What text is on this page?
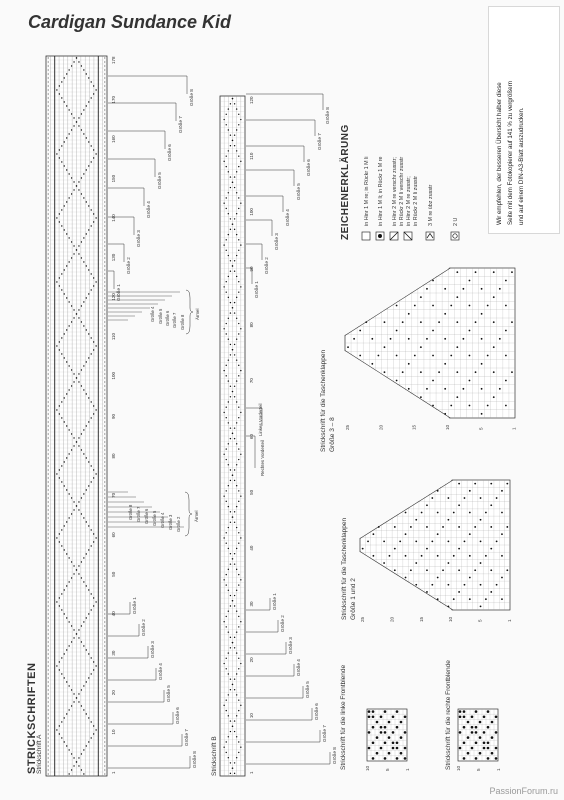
Cardigan Sundance Kid
STRICKSCHRIFTEN
Strickschrift A	Strickschrift B
Wir empfehlen, der besseren Übersicht halber diese Seite mit dem Fotokopierer auf 141 % zu vergrößern und auf einem DIN-A3-Blatt auszudrucken.
ZEICHENERKLÄRUNG
Strickschrift für die Taschenklappen Größe 1 und 2
Strickschrift für die Taschenklappen Größe 3 – 8
Strickschrift für die linke Frontblende	Strickschrift für die rechte Frontblende
178
170
160
150
140
130
120
110
100
90
80
70
60
50
40
30
20
10
1
Größe 8
Größe 7
Größe 6
Größe 5
Größe 4
Größe 3
Größe 2
Größe 1
Größe 8
Größe 7
Größe 6
Größe 5
Größe 4
Größe 3
Größe 2
Größe 1
Größe 8
Größe 7
Größe 6
Größe 5
Größe 4	Ärmel
Größe 8 Größe 7 Größe 6 Größe 5 Größe 4 Größe 3 Größe 2
Ärmel
120
110
100
90
80
70
60
50
40
30
20
10
1
Größe 8
Größe 7
Größe 6
Größe 5
Größe 4
Größe 3
Größe 2
Größe 1
Größe 8
Größe 7
Größe 6
Größe 5
Größe 4
Größe 3
Größe 2
Größe 1
Linkes Vorderteil
Rechtes Vorderteil
in Hinr 1 M re; in Rückr 1 M li in Hinr 1 M li; in Rückr 1 M re in Hinr 2 M re verschr zusstr; in Rückr 2 M li verschr zusstr in Hinr 2 M re zusstr; in Rückr 2 M li zusstr 3 M re übz zusstr	2 U
25	20	15	10	5	1
25	20	15	10	5	1
10	5	1	10	5	1
PassionForum.ru
